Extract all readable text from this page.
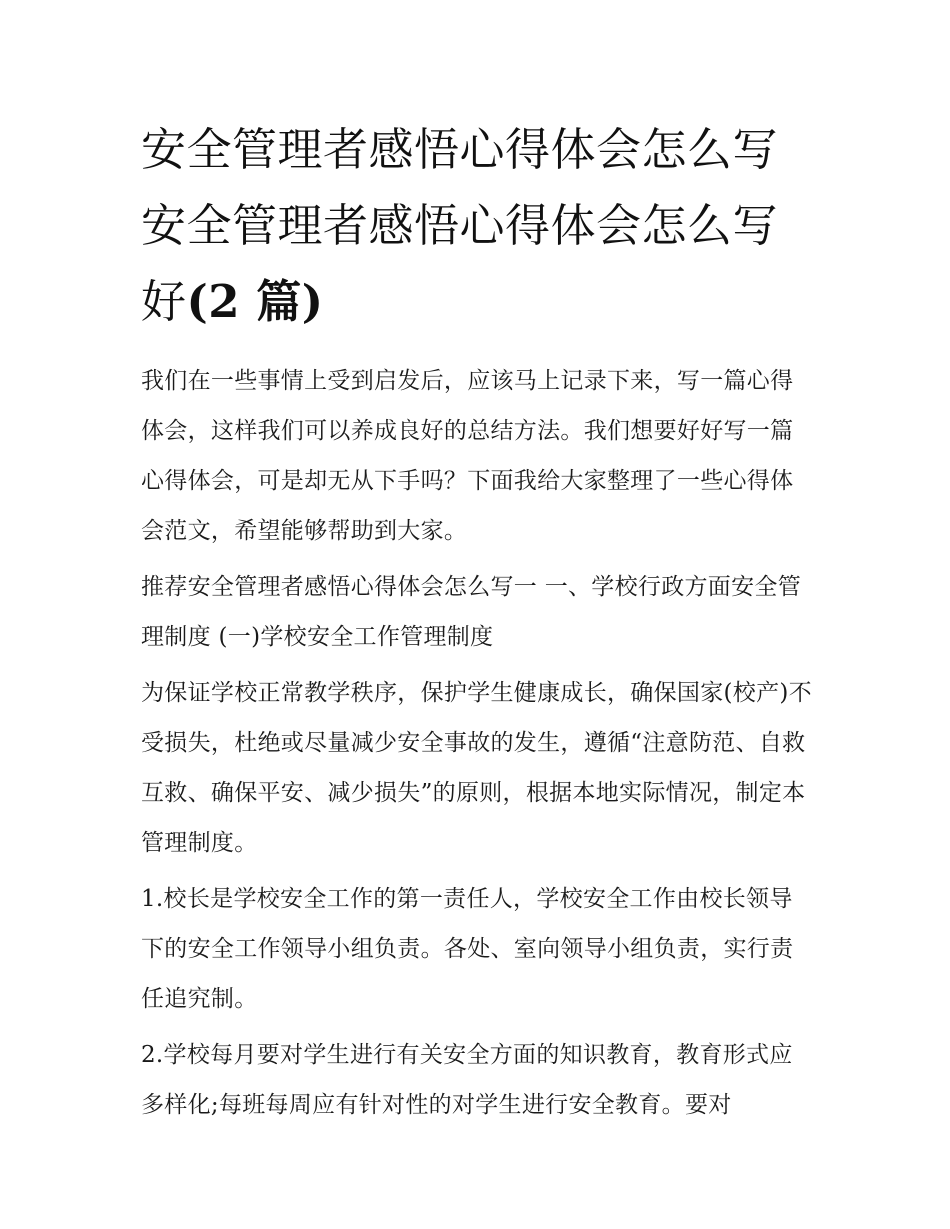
安全管理者感悟心得体会怎么写 安全管理者感悟心得体会怎么写好(2 篇)

我们在一些事情上受到启发后，应该马上记录下来，写一篇心得体会，这样我们可以养成良好的总结方法。我们想要好好写一篇心得体会，可是却无从下手吗？下面我给大家整理了一些心得体会范文，希望能够帮助到大家。

推荐安全管理者感悟心得体会怎么写一 一、学校行政方面安全管理制度 (一)学校安全工作管理制度

为保证学校正常教学秩序，保护学生健康成长，确保国家(校产)不受损失，杜绝或尽量减少安全事故的发生，遵循“注意防范、自救互救、确保平安、减少损失”的原则，根据本地实际情况，制定本管理制度。

1.校长是学校安全工作的第一责任人，学校安全工作由校长领导下的安全工作领导小组负责。各处、室向领导小组负责，实行责任追究制。

2.学校每月要对学生进行有关安全方面的知识教育，教育形式应多样化;每班每周应有针对性的对学生进行安全教育。要对
